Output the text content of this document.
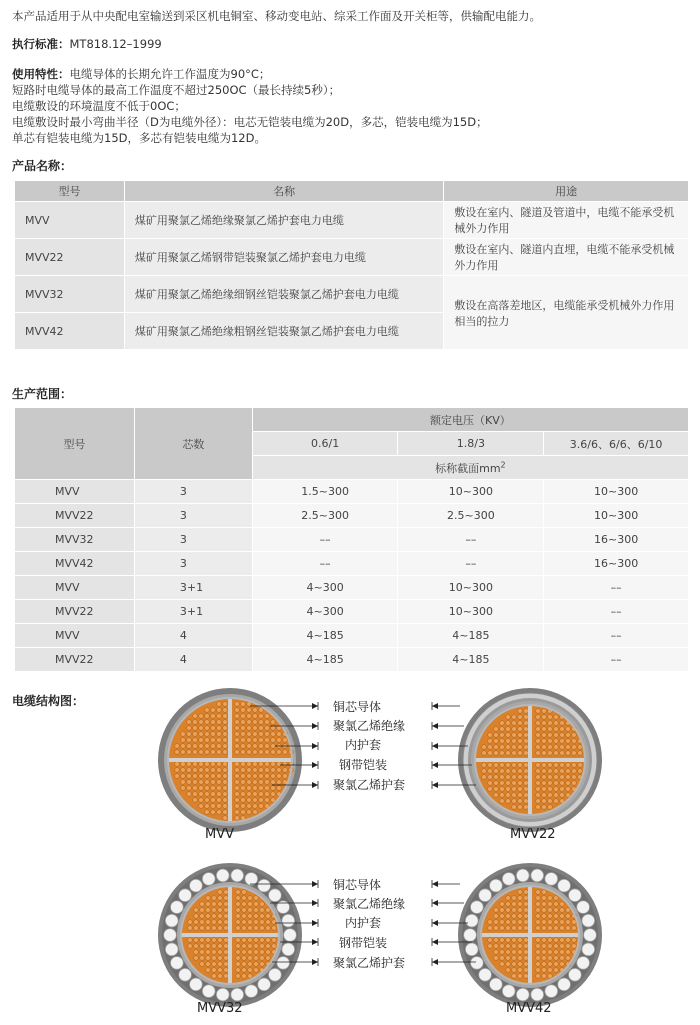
本产品适用于从中央配电室输送到采区机电铜室、移动变电站、综采工作面及开关柜等，供输配电能力。
执行标准：MT818.12–1999
使用特性：电缆导体的长期允许工作温度为90°C；
短路时电缆导体的最高工作温度不超过250OC（最长持续5秒）；
电缆敷设的环境温度不低于0OC；
电缆敷设时最小弯曲半径（D为电缆外径）：电芯无铠装电缆为20D，多芯，铠装电缆为15D；
单芯有铠装电缆为15D，多芯有铠装电缆为12D。
产品名称：
型号	名称	用途
MVV	煤矿用聚氯乙烯绝缘聚氯乙烯护套电力电缆	敷设在室内、隧道及管道中，电缆不能承受机械外力作用
MVV22	煤矿用聚氯乙烯钢带铠装聚氯乙烯护套电力电缆	敷设在室内、隧道内直埋，电缆不能承受机械外力作用
MVV32	煤矿用聚氯乙烯绝缘细钢丝铠装聚氯乙烯护套电力电缆	敷设在高落差地区，电缆能承受机械外力作用相当的拉力
MVV42	煤矿用聚氯乙烯绝缘粗钢丝铠装聚氯乙烯护套电力电缆	
生产范围：
型号	芯数	额定电压（KV）		
		0.6/1	1.8/3	3.6/6、6/6、6/10
		标称截面$mm^2$
MVV	3	1.5~300	10~300	10~300
MVV22	3	2.5~300	2.5~300	10~300
MVV32	3	––	––	16~300
MVV42	3	––	––	16~300
MVV	3+1	4~300	10~300	––
MVV22	3+1	4~300	10~300	––
MVV	4	4~185	4~185	––
MVV22	4	4~185	4~185	––
电缆结构图：	铜芯导体
聚氯乙烯绝缘
内护套
钢带铠装
聚氯乙烯护套
铜芯导体
聚氯乙烯绝缘
内护套
钢带铠装
聚氯乙烯护套
MVV	MVV22
MVV32	MVV42
